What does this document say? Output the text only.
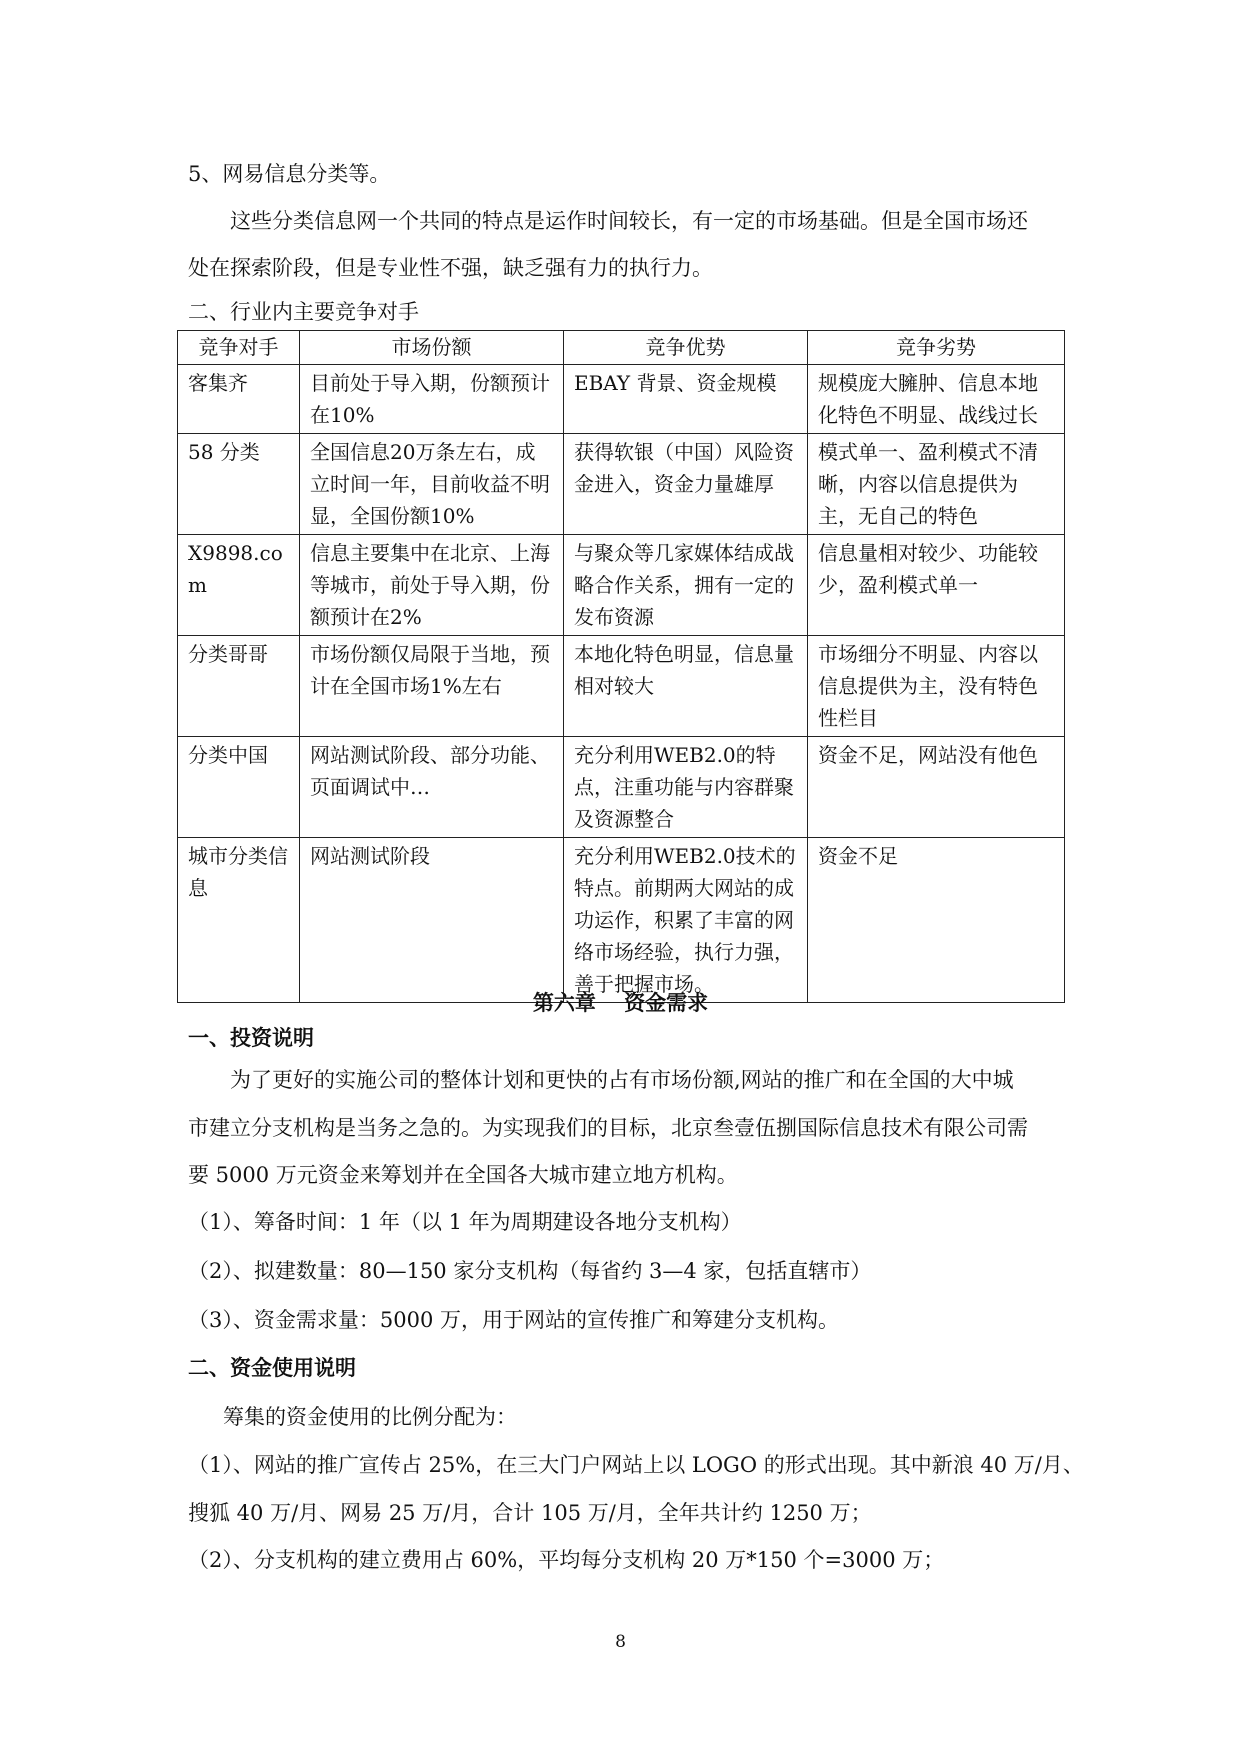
5、网易信息分类等。
这些分类信息网一个共同的特点是运作时间较长，有一定的市场基础。但是全国市场还
处在探索阶段，但是专业性不强，缺乏强有力的执行力。
二、行业内主要竞争对手
竞争对手	市场份额	竞争优势	竞争劣势
客集齐	目前处于导入期，份额预计在10%	EBAY 背景、资金规模	规模庞大臃肿、信息本地化特色不明显、战线过长
58 分类	全国信息20万条左右，成立时间一年，目前收益不明显，全国份额10%	获得软银（中国）风险资金进入，资金力量雄厚	模式单一、盈利模式不清晰，内容以信息提供为主，无自己的特色
X9898.com	信息主要集中在北京、上海等城市，前处于导入期，份额预计在2%	与聚众等几家媒体结成战略合作关系，拥有一定的发布资源	信息量相对较少、功能较少，盈利模式单一
分类哥哥	市场份额仅局限于当地，预计在全国市场1%左右	本地化特色明显，信息量相对较大	市场细分不明显、内容以信息提供为主，没有特色性栏目
分类中国	网站测试阶段、部分功能、页面调试中…	充分利用WEB2.0的特点，注重功能与内容群聚及资源整合	资金不足，网站没有他色
城市分类信息	网站测试阶段	充分利用WEB2.0技术的特点。前期两大网站的成功运作，积累了丰富的网络市场经验，执行力强，善于把握市场。	资金不足
第六章　 资金需求
一、投资说明
为了更好的实施公司的整体计划和更快的占有市场份额,网站的推广和在全国的大中城
市建立分支机构是当务之急的。为实现我们的目标，北京叁壹伍捌国际信息技术有限公司需
要 5000 万元资金来筹划并在全国各大城市建立地方机构。
（1）、筹备时间：1 年（以 1 年为周期建设各地分支机构）
（2）、拟建数量：80—150 家分支机构（每省约 3—4 家，包括直辖市）
（3）、资金需求量：5000 万，用于网站的宣传推广和筹建分支机构。
二、资金使用说明
筹集的资金使用的比例分配为：
（1）、网站的推广宣传占 25%，在三大门户网站上以 LOGO 的形式出现。其中新浪 40 万/月、
搜狐 40 万/月、网易 25 万/月，合计 105 万/月，全年共计约 1250 万；
（2）、分支机构的建立费用占 60%，平均每分支机构 20 万*150 个=3000 万；
8
